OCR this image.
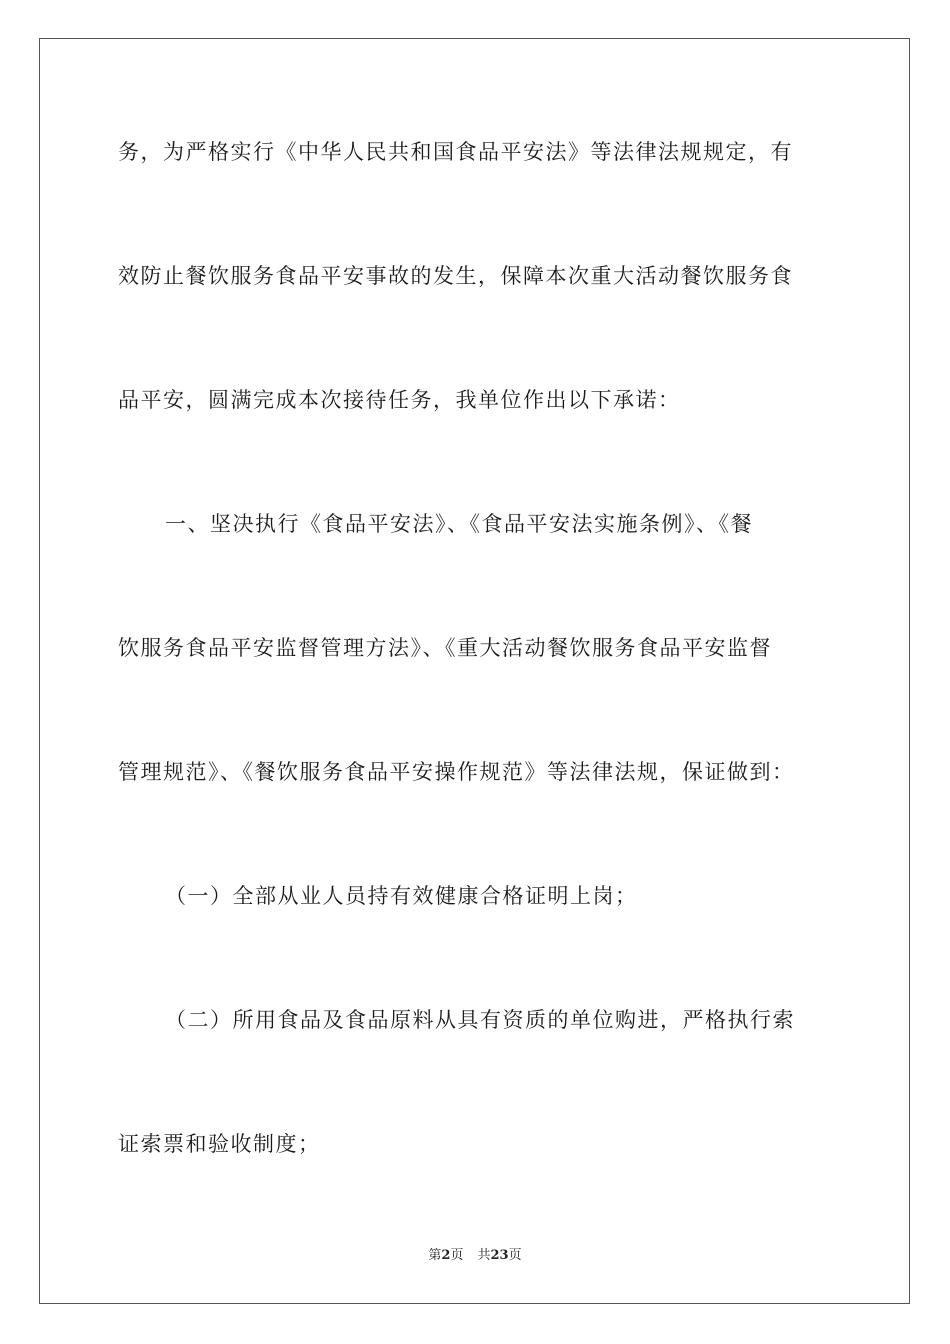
务，为严格实行《中华人民共和国食品平安法》等法律法规规定，有
效防止餐饮服务食品平安事故的发生，保障本次重大活动餐饮服务食
品平安，圆满完成本次接待任务，我单位作出以下承诺：
一、坚决执行《食品平安法》、《食品平安法实施条例》、《餐
饮服务食品平安监督管理方法》、《重大活动餐饮服务食品平安监督
管理规范》、《餐饮服务食品平安操作规范》等法律法规，保证做到：
（一）全部从业人员持有效健康合格证明上岗；
（二）所用食品及食品原料从具有资质的单位购进，严格执行索
证索票和验收制度；
第2页 共23页
